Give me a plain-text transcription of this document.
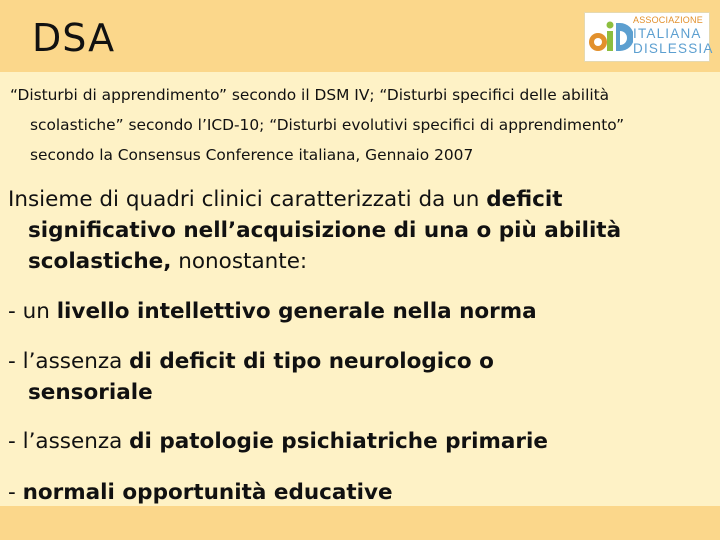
DSA	ASSOCIAZIONE
ITALIANA
DISLESSIA
“Disturbi di apprendimento” secondo il DSM IV; “Disturbi specifici delle abilità
scolastiche” secondo l’ICD-10; “Disturbi evolutivi specifici di apprendimento”
secondo la Consensus Conference italiana, Gennaio 2007
Insieme di quadri clinici caratterizzati da un deficit
significativo nell’acquisizione di una o più abilità
scolastiche, nonostante:
- un livello intellettivo generale nella norma
- l’assenza di deficit di tipo neurologico o
sensoriale
- l’assenza di patologie psichiatriche primarie
- normali opportunità educative
